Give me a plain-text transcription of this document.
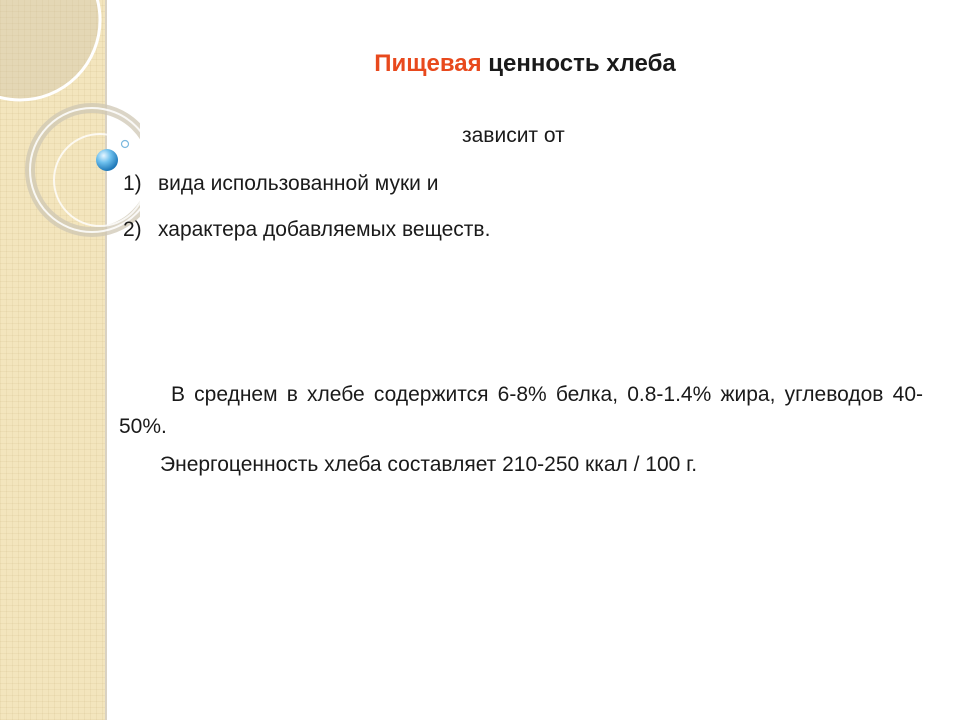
Пищевая ценность хлеба
зависит от
1) вида использованной муки и
2) характера добавляемых веществ.
В среднем в хлебе содержится 6-8% белка, 0.8-1.4% жира, углеводов 40-50%.
Энергоценность хлеба составляет 210-250 ккал / 100 г.
